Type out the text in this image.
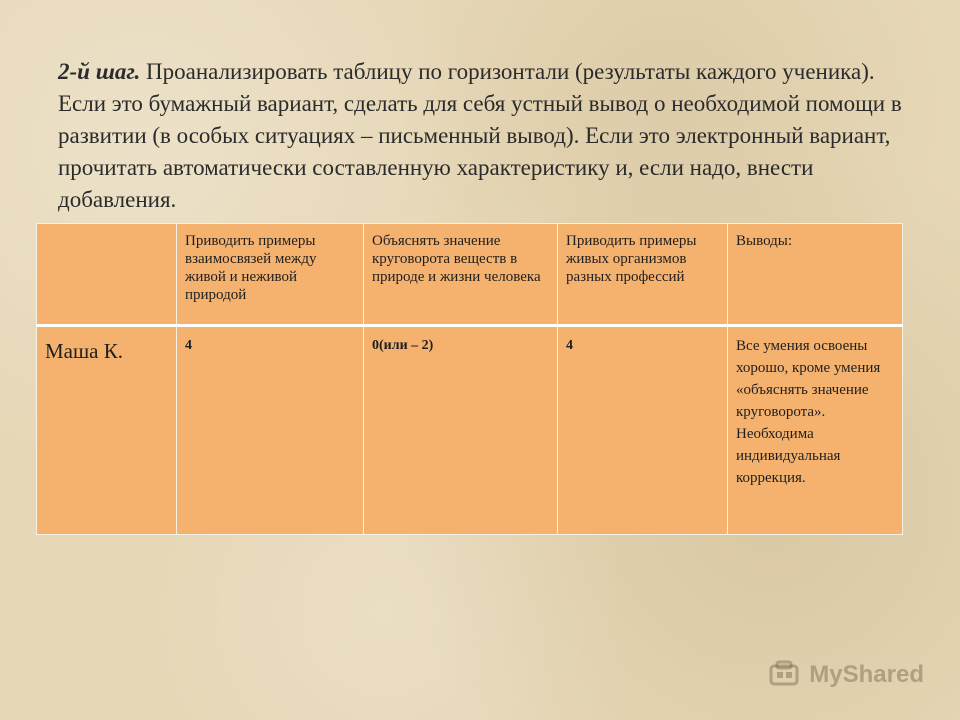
2-й шаг. Проанализировать таблицу по горизонтали (результаты каждого ученика). Если это бумажный вариант, сделать для себя устный вывод о необходимой помощи в развитии (в особых ситуациях – письменный вывод). Если это электронный вариант, прочитать автоматически составленную характеристику и, если надо, внести добавления.

	Приводить примеры взаимосвязей между живой и неживой природой	Объяснять значение круговорота веществ в природе и жизни человека	Приводить примеры живых организмов разных профессий	Выводы:
Маша К.	4	0(или – 2)	4	Все умения освоены хорошо, кроме умения «объяснять значение круговорота». Необходима индивидуальная коррекция.
MyShared
